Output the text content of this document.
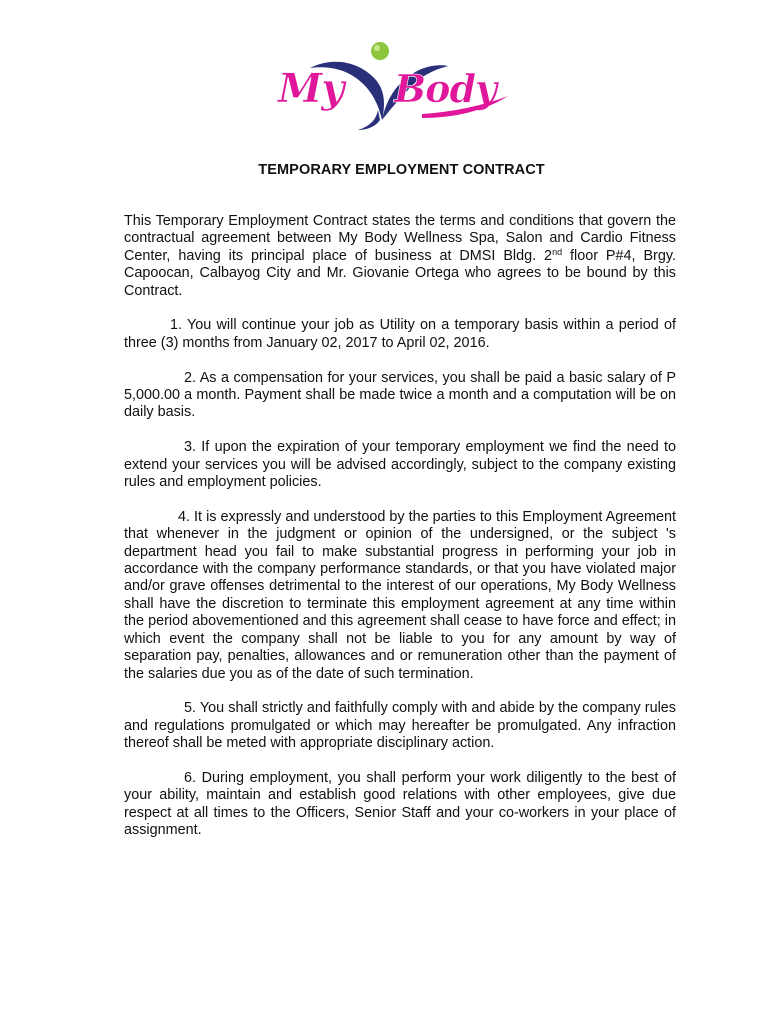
My Body
TEMPORARY EMPLOYMENT CONTRACT

This Temporary Employment Contract states the terms and conditions that govern the contractual agreement between My Body Wellness Spa, Salon and Cardio Fitness Center, having its principal place of business at DMSI Bldg. 2nd floor P#4, Brgy. Capoocan, Calbayog City and Mr. Giovanie Ortega who agrees to be bound by this Contract.

1. You will continue your job as Utility on a temporary basis within a period of three (3) months from January 02, 2017 to April 02, 2016.

2. As a compensation for your services, you shall be paid a basic salary of P 5,000.00 a month. Payment shall be made twice a month and a computation will be on daily basis.

3. If upon the expiration of your temporary employment we find the need to extend your services you will be advised accordingly, subject to the company existing rules and employment policies.

4. It is expressly and understood by the parties to this Employment Agreement that whenever in the judgment or opinion of the undersigned, or the subject 's department head you fail to make substantial progress in performing your job in accordance with the company performance standards, or that you have violated major and/or grave offenses detrimental to the interest of our operations, My Body Wellness shall have the discretion to terminate this employment agreement at any time within the period abovementioned and this agreement shall cease to have force and effect; in which event the company shall not be liable to you for any amount by way of separation pay, penalties, allowances and or remuneration other than the payment of the salaries due you as of the date of such termination.

5. You shall strictly and faithfully comply with and abide by the company rules and regulations promulgated or which may hereafter be promulgated. Any infraction thereof shall be meted with appropriate disciplinary action.

6. During employment, you shall perform your work diligently to the best of your ability, maintain and establish good relations with other employees, give due respect at all times to the Officers, Senior Staff and your co-workers in your place of assignment.
